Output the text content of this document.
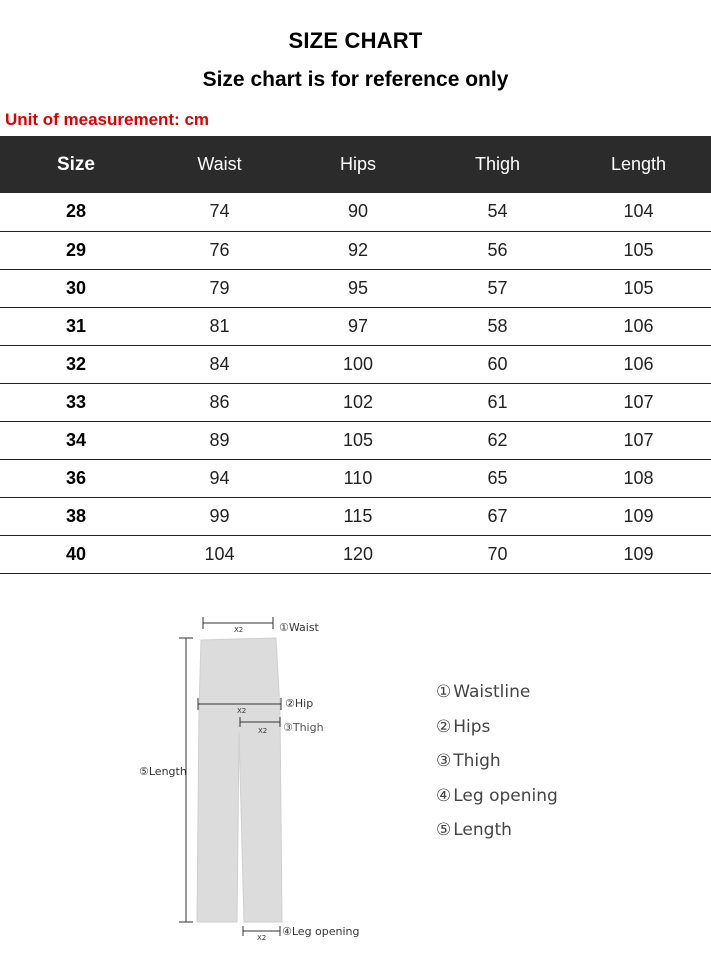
SIZE CHART
Size chart is for reference only
Unit of measurement: cm
Size	Waist	Hips	Thigh	Length
28	74	90	54	104
29	76	92	56	105
30	79	95	57	105
31	81	97	58	106
32	84	100	60	106
33	86	102	61	107
34	89	105	62	107
36	94	110	65	108
38	99	115	67	109
40	104	120	70	109
X2	①Waist
X2
②Hip
X2 ③Thigh
⑤Length
X2 ④Leg opening
① Waistline
② Hips
③ Thigh
④ Leg opening
⑤ Length
